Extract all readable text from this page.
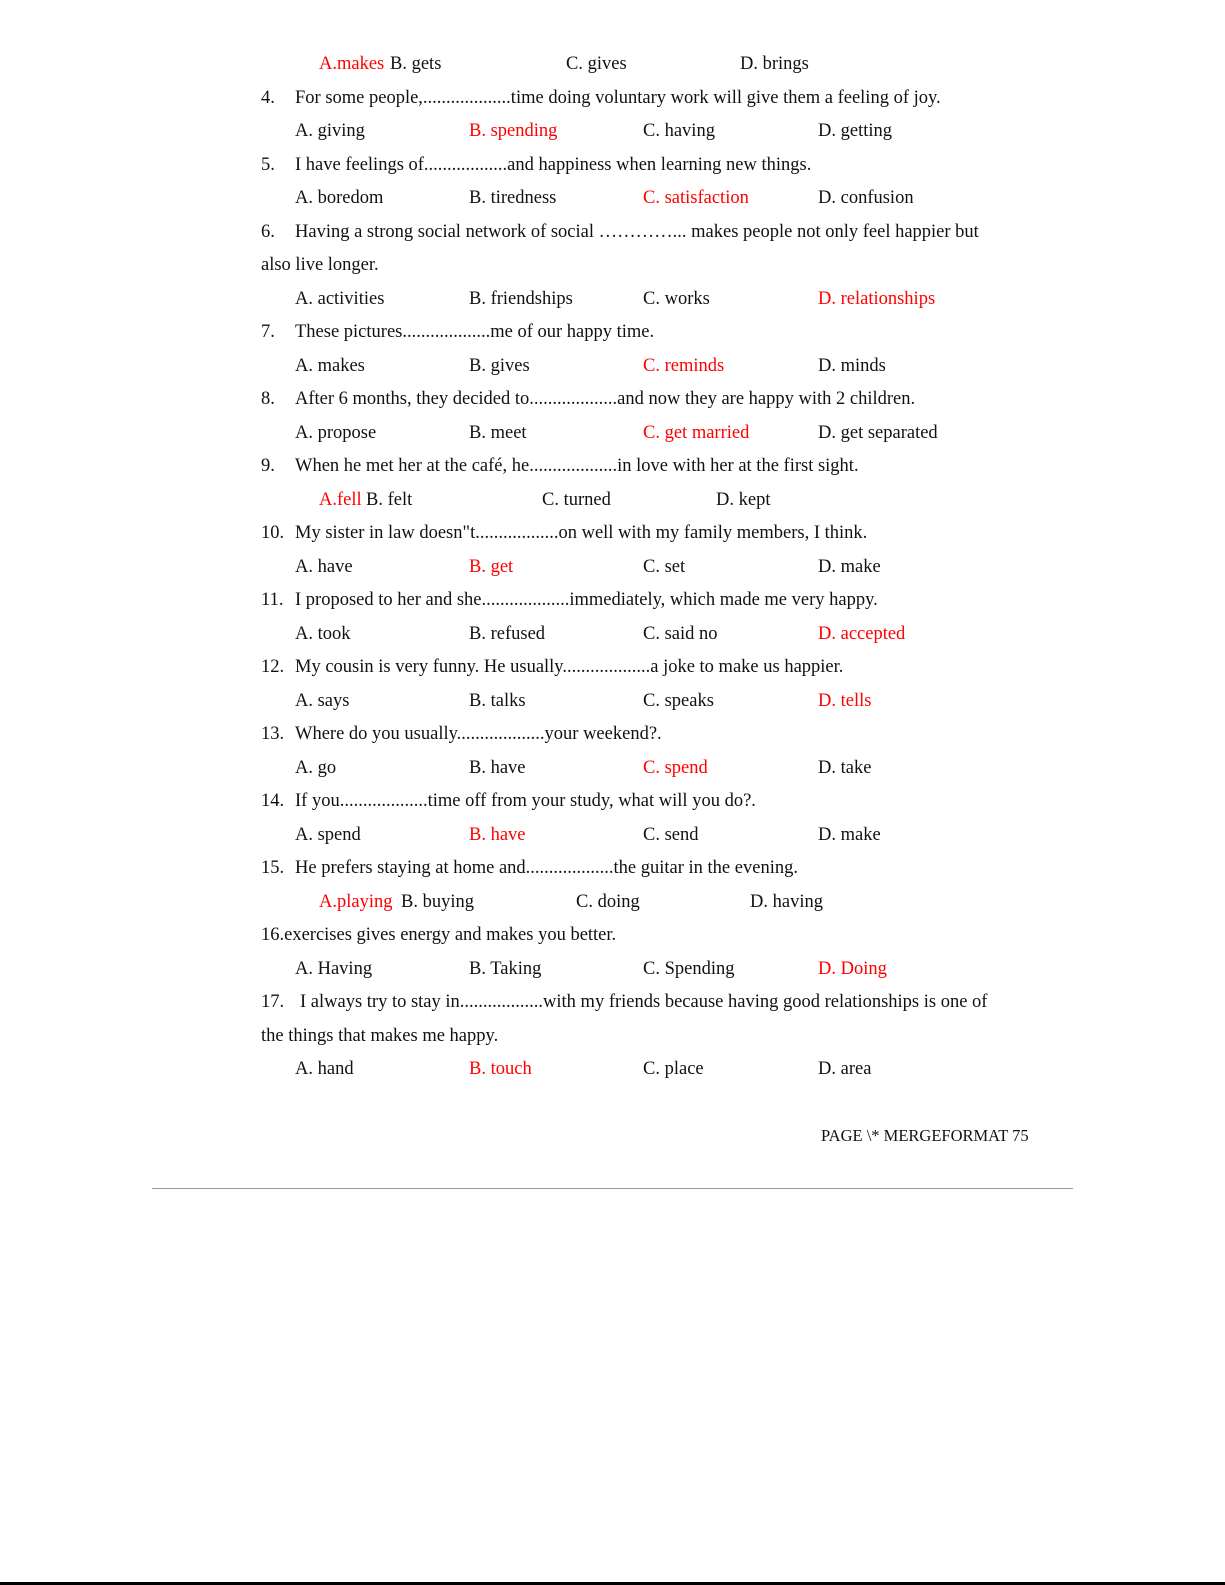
A.makes B. gets	C. gives	D. brings
4. For some people,...................time doing voluntary work will give them a feeling of joy.
A. giving	B. spending	C. having	D. getting
5. I have feelings of..................and happiness when learning new things.
A. boredom	B. tiredness	C. satisfaction	D. confusion
6. Having a strong social network of social …………... makes people not only feel happier but
also live longer.
A. activities	B. friendships	C. works	D. relationships
7. These pictures...................me of our happy time.
A. makes	B. gives	C. reminds	D. minds
8. After 6 months, they decided to...................and now they are happy with 2 children.
A. propose	B. meet	C. get married	D. get separated
9. When he met her at the café, he...................in love with her at the first sight.
A.fell B. felt	C. turned	D. kept
10. My sister in law doesn"t..................on well with my family members, I think.
A. have	B. get	C. set	D. make
11. I proposed to her and she...................immediately, which made me very happy.
A. took	B. refused	C. said no	D. accepted
12. My cousin is very funny. He usually...................a joke to make us happier.
A. says	B. talks	C. speaks	D. tells
13. Where do you usually...................your weekend?.
A. go	B. have	C. spend	D. take
14. If you...................time off from your study, what will you do?.
A. spend	B. have	C. send	D. make
15. He prefers staying at home and...................the guitar in the evening.
A.playing B. buying	C. doing	D. having
16.exercises gives energy and makes you better.
A. Having	B. Taking	C. Spending	D. Doing
17. I always try to stay in..................with my friends because having good relationships is one of
the things that makes me happy.
A. hand	B. touch	C. place	D. area
PAGE \* MERGEFORMAT 75
